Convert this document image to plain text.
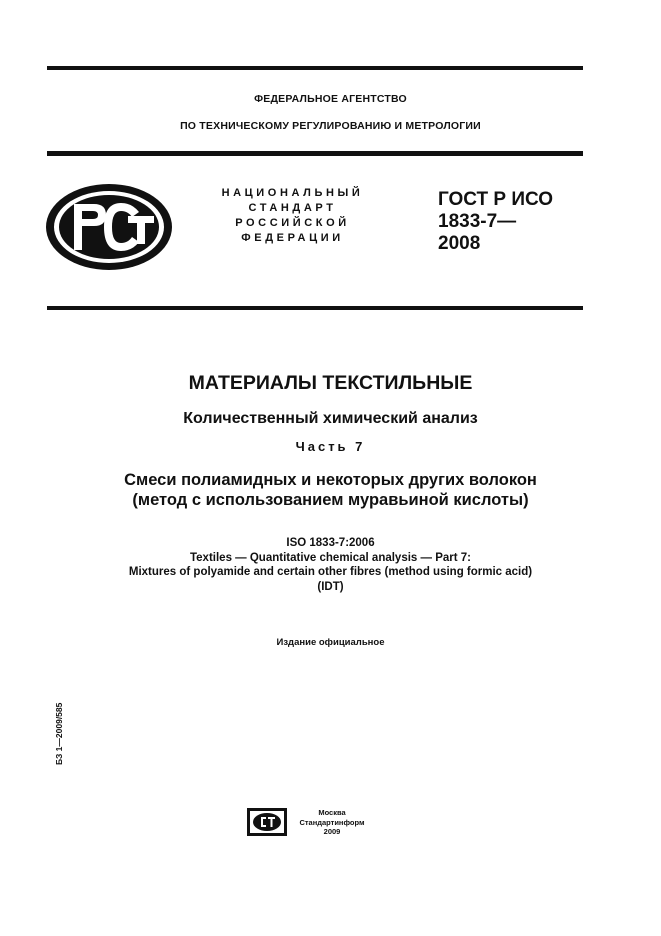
ФЕДЕРАЛЬНОЕ АГЕНТСТВО
ПО ТЕХНИЧЕСКОМУ РЕГУЛИРОВАНИЮ И МЕТРОЛОГИИ
НАЦИОНАЛЬНЫЙ
СТАНДАРТ
РОССИЙСКОЙ
ФЕДЕРАЦИИ
ГОСТ Р ИСО
1833-7—
2008
МАТЕРИАЛЫ ТЕКСТИЛЬНЫЕ
Количественный химический анализ
Часть 7
Смеси полиамидных и некоторых других волокон
(метод с использованием муравьиной кислоты)
ISO 1833-7:2006
Textiles — Quantitative chemical analysis — Part 7:
Mixtures of polyamide and certain other fibres (method using formic acid)
(IDT)
Издание официальное
БЗ 1—2009/585
Москва
Стандартинформ
2009
